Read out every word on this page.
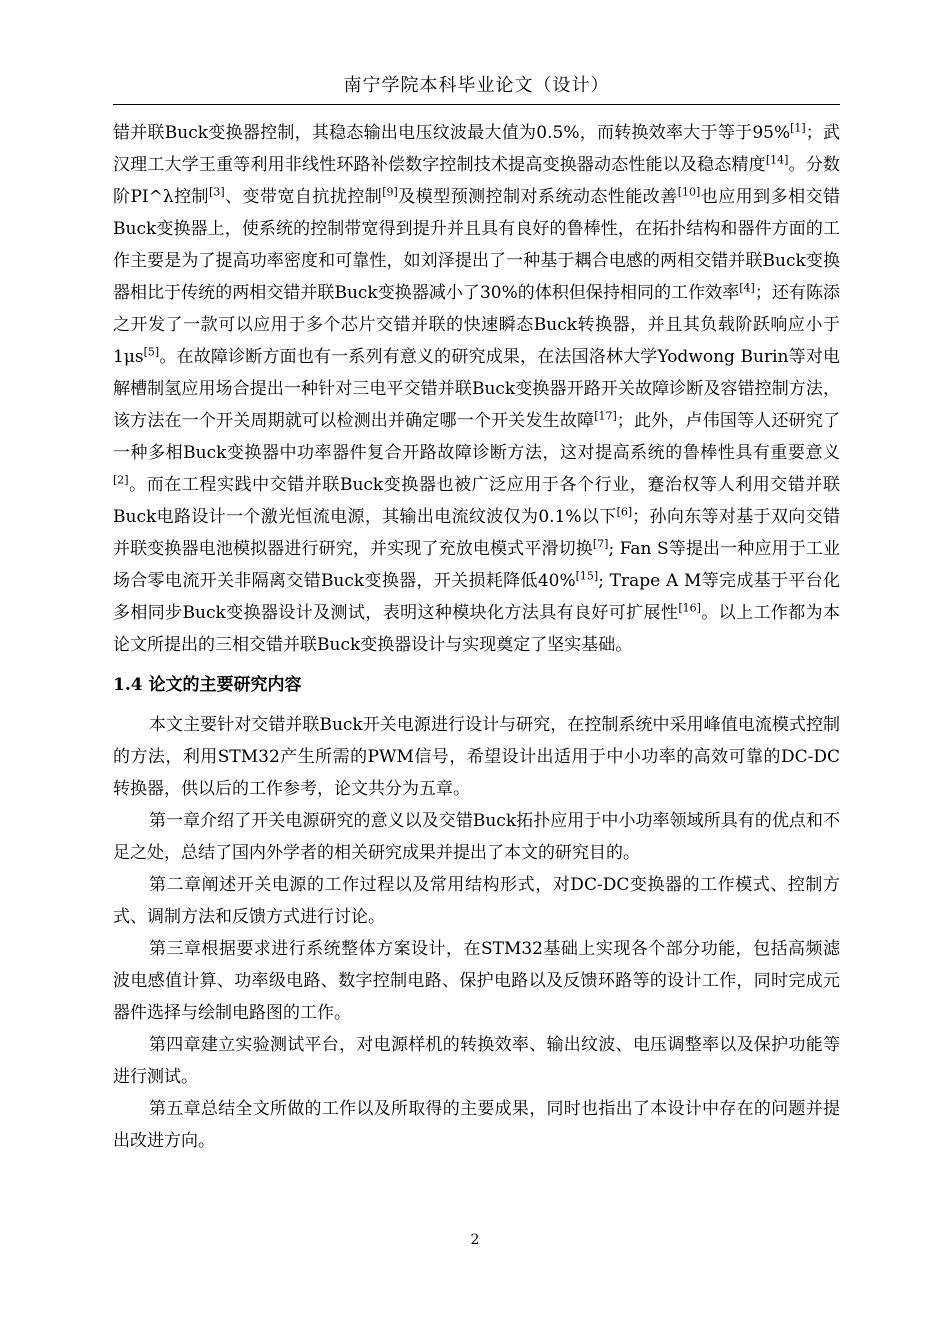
南宁学院本科毕业论文（设计）

错并联Buck变换器控制，其稳态输出电压纹波最大值为0.5%，而转换效率大于等于95%[1]；武汉理工大学王重等利用非线性环路补偿数字控制技术提高变换器动态性能以及稳态精度[14]。分数阶PI^λ控制[3]、变带宽自抗扰控制[9]及模型预测控制对系统动态性能改善[10]也应用到多相交错Buck变换器上，使系统的控制带宽得到提升并且具有良好的鲁棒性，在拓扑结构和器件方面的工作主要是为了提高功率密度和可靠性，如刘泽提出了一种基于耦合电感的两相交错并联Buck变换器相比于传统的两相交错并联Buck变换器减小了30%的体积但保持相同的工作效率[4]；还有陈添之开发了一款可以应用于多个芯片交错并联的快速瞬态Buck转换器，并且其负载阶跃响应小于1μs[5]。在故障诊断方面也有一系列有意义的研究成果，在法国洛林大学Yodwong Burin等对电解槽制氢应用场合提出一种针对三电平交错并联Buck变换器开路开关故障诊断及容错控制方法，该方法在一个开关周期就可以检测出并确定哪一个开关发生故障[17]；此外，卢伟国等人还研究了一种多相Buck变换器中功率器件复合开路故障诊断方法，这对提高系统的鲁棒性具有重要意义[2]。而在工程实践中交错并联Buck变换器也被广泛应用于各个行业，蹇治权等人利用交错并联Buck电路设计一个激光恒流电源，其输出电流纹波仅为0.1%以下[6]；孙向东等对基于双向交错并联变换器电池模拟器进行研究，并实现了充放电模式平滑切换[7]; Fan S等提出一种应用于工业场合零电流开关非隔离交错Buck变换器，开关损耗降低40%[15]; Trape A M等完成基于平台化多相同步Buck变换器设计及测试，表明这种模块化方法具有良好可扩展性[16]。以上工作都为本论文所提出的三相交错并联Buck变换器设计与实现奠定了坚实基础。

1.4 论文的主要研究内容

本文主要针对交错并联Buck开关电源进行设计与研究，在控制系统中采用峰值电流模式控制的方法，利用STM32产生所需的PWM信号，希望设计出适用于中小功率的高效可靠的DC-DC转换器，供以后的工作参考，论文共分为五章。

第一章介绍了开关电源研究的意义以及交错Buck拓扑应用于中小功率领域所具有的优点和不足之处，总结了国内外学者的相关研究成果并提出了本文的研究目的。

第二章阐述开关电源的工作过程以及常用结构形式，对DC-DC变换器的工作模式、控制方式、调制方法和反馈方式进行讨论。

第三章根据要求进行系统整体方案设计，在STM32基础上实现各个部分功能，包括高频滤波电感值计算、功率级电路、数字控制电路、保护电路以及反馈环路等的设计工作，同时完成元器件选择与绘制电路图的工作。

第四章建立实验测试平台，对电源样机的转换效率、输出纹波、电压调整率以及保护功能等进行测试。

第五章总结全文所做的工作以及所取得的主要成果，同时也指出了本设计中存在的问题并提出改进方向。

2
